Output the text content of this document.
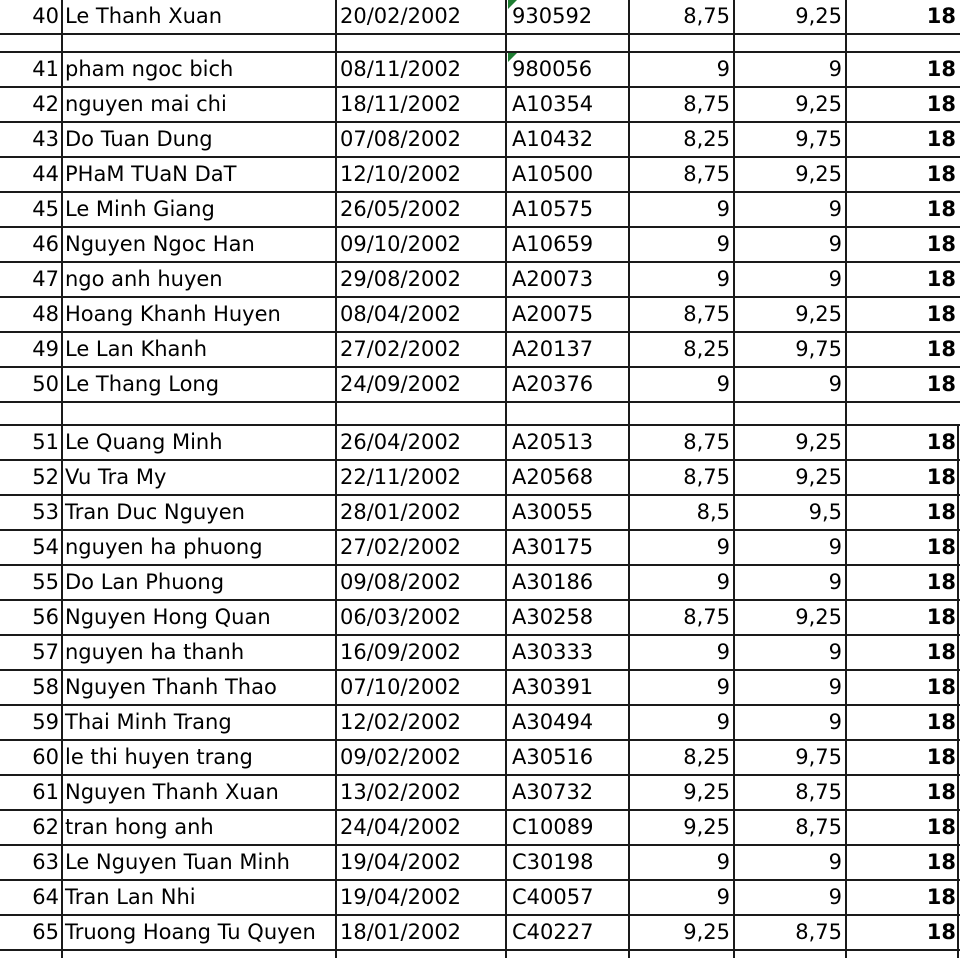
40 Le Thanh Xuan	20/02/2002	930592	8,75	9,25	18
41 pham ngoc bich	08/11/2002	980056	9	9	18
42 nguyen mai chi	18/11/2002	A10354	8,75	9,25	18
43 Do Tuan Dung	07/08/2002	A10432	8,25	9,75	18
44 PHaM TUaN DaT	12/10/2002	A10500	8,75	9,25	18
45 Le Minh Giang	26/05/2002	A10575	9	9	18
46 Nguyen Ngoc Han	09/10/2002	A10659	9	9	18
47 ngo anh huyen	29/08/2002	A20073	9	9	18
48 Hoang Khanh Huyen	08/04/2002	A20075	8,75	9,25	18
49 Le Lan Khanh	27/02/2002	A20137	8,25	9,75	18
50 Le Thang Long	24/09/2002	A20376	9	9	18
51 Le Quang Minh	26/04/2002	A20513	8,75	9,25	18
52 Vu Tra My	22/11/2002	A20568	8,75	9,25	18
53 Tran Duc Nguyen	28/01/2002	A30055	8,5	9,5	18
54 nguyen ha phuong	27/02/2002	A30175	9	9	18
55 Do Lan Phuong	09/08/2002	A30186	9	9	18
56 Nguyen Hong Quan	06/03/2002	A30258	8,75	9,25	18
57 nguyen ha thanh	16/09/2002	A30333	9	9	18
58 Nguyen Thanh Thao	07/10/2002	A30391	9	9	18
59 Thai Minh Trang	12/02/2002	A30494	9	9	18
60 le thi huyen trang	09/02/2002	A30516	8,25	9,75	18
61 Nguyen Thanh Xuan	13/02/2002	A30732	9,25	8,75	18
62 tran hong anh	24/04/2002	C10089	9,25	8,75	18
63 Le Nguyen Tuan Minh	19/04/2002	C30198	9	9	18
64 Tran Lan Nhi	19/04/2002	C40057	9	9	18
65 Truong Hoang Tu Quyen	18/01/2002	C40227	9,25	8,75	18
